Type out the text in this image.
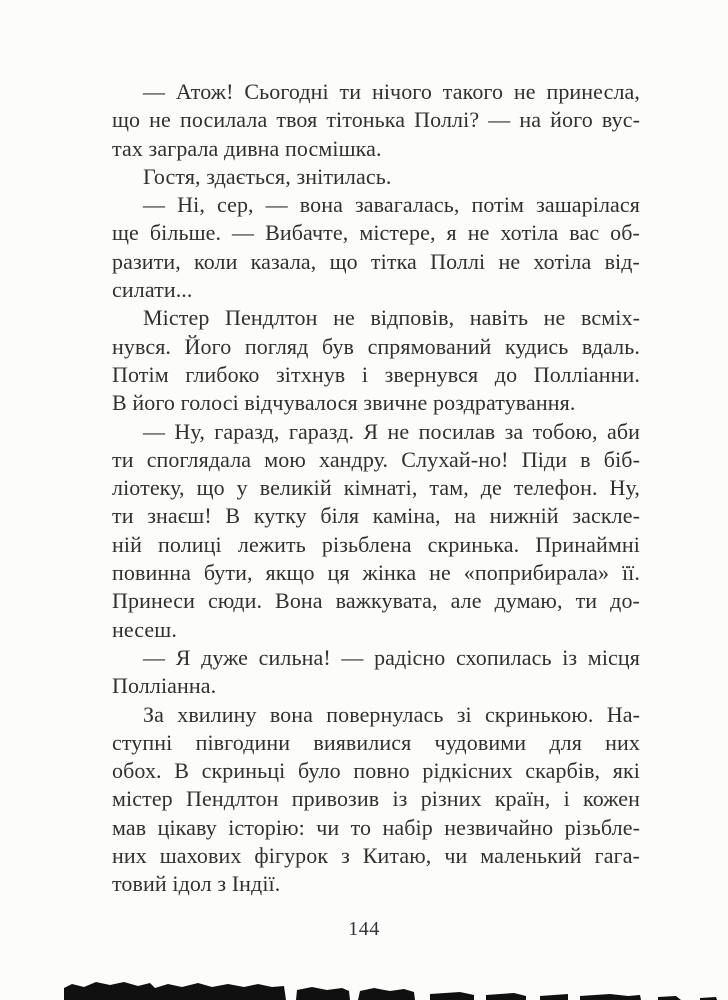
— Атож! Сьогодні ти нічого такого не принесла,
що не посилала твоя тітонька Поллі? — на його вус-
тах заграла дивна посмішка.
Гостя, здається, знітилась.
— Ні, сер, — вона завагалась, потім зашарілася
ще більше. — Вибачте, містере, я не хотіла вас об-
разити, коли казала, що тітка Поллі не хотіла від-
силати...
Містер Пендлтон не відповів, навіть не всміх-
нувся. Його погляд був спрямований кудись вдаль.
Потім глибоко зітхнув і звернувся до Полліанни.
В його голосі відчувалося звичне роздратування.
— Ну, гаразд, гаразд. Я не посилав за тобою, аби
ти споглядала мою хандру. Слухай-но! Піди в біб-
ліотеку, що у великій кімнаті, там, де телефон. Ну,
ти знаєш! В кутку біля каміна, на нижній заскле-
ній полиці лежить різьблена скринька. Принаймні
повинна бути, якщо ця жінка не «поприбирала» її.
Принеси сюди. Вона важкувата, але думаю, ти до-
несеш.
— Я дуже сильна! — радісно схопилась із місця
Полліанна.
За хвилину вона повернулась зі скринькою. На-
ступні півгодини виявилися чудовими для них
обох. В скриньці було повно рідкісних скарбів, які
містер Пендлтон привозив із різних країн, і кожен
мав цікаву історію: чи то набір незвичайно різьбле-
них шахових фігурок з Китаю, чи маленький гага-
товий ідол з Індії.
144
